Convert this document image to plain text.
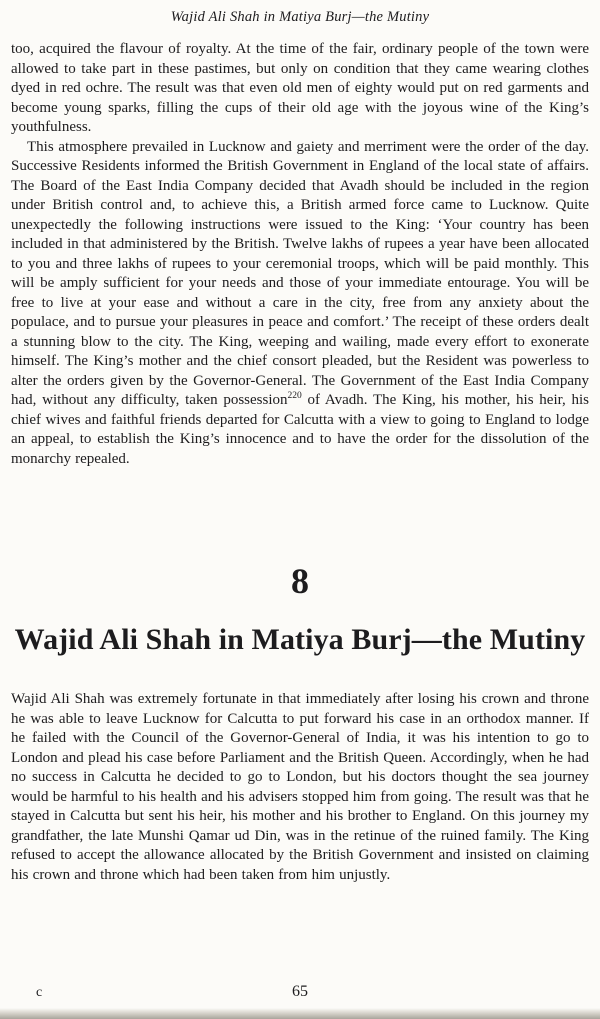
Wajid Ali Shah in Matiya Burj—the Mutiny

too, acquired the flavour of royalty. At the time of the fair, ordinary people of the town were allowed to take part in these pastimes, but only on condition that they came wearing clothes dyed in red ochre. The result was that even old men of eighty would put on red garments and become young sparks, filling the cups of their old age with the joyous wine of the King’s youthfulness.

This atmosphere prevailed in Lucknow and gaiety and merriment were the order of the day. Successive Residents informed the British Government in England of the local state of affairs. The Board of the East India Company decided that Avadh should be included in the region under British control and, to achieve this, a British armed force came to Lucknow. Quite unexpectedly the following instructions were issued to the King: ‘Your country has been included in that administered by the British. Twelve lakhs of rupees a year have been allocated to you and three lakhs of rupees to your ceremonial troops, which will be paid monthly. This will be amply sufficient for your needs and those of your immediate entourage. You will be free to live at your ease and without a care in the city, free from any anxiety about the populace, and to pursue your pleasures in peace and comfort.’ The receipt of these orders dealt a stunning blow to the city. The King, weeping and wailing, made every effort to exonerate himself. The King’s mother and the chief consort pleaded, but the Resident was powerless to alter the orders given by the Governor-General. The Government of the East India Company had, without any difficulty, taken possession$^{220}$ of Avadh. The King, his mother, his heir, his chief wives and faithful friends departed for Calcutta with a view to going to England to lodge an appeal, to establish the King’s innocence and to have the order for the dissolution of the monarchy repealed.

8
Wajid Ali Shah in Matiya Burj—the Mutiny

Wajid Ali Shah was extremely fortunate in that immediately after losing his crown and throne he was able to leave Lucknow for Calcutta to put forward his case in an orthodox manner. If he failed with the Council of the Governor-General of India, it was his intention to go to London and plead his case before Parliament and the British Queen. Accordingly, when he had no success in Calcutta he decided to go to London, but his doctors thought the sea journey would be harmful to his health and his advisers stopped him from going. The result was that he stayed in Calcutta but sent his heir, his mother and his brother to England. On this journey my grandfather, the late Munshi Qamar ud Din, was in the retinue of the ruined family. The King refused to accept the allowance allocated by the British Government and insisted on claiming his crown and throne which had been taken from him unjustly.

c	65
